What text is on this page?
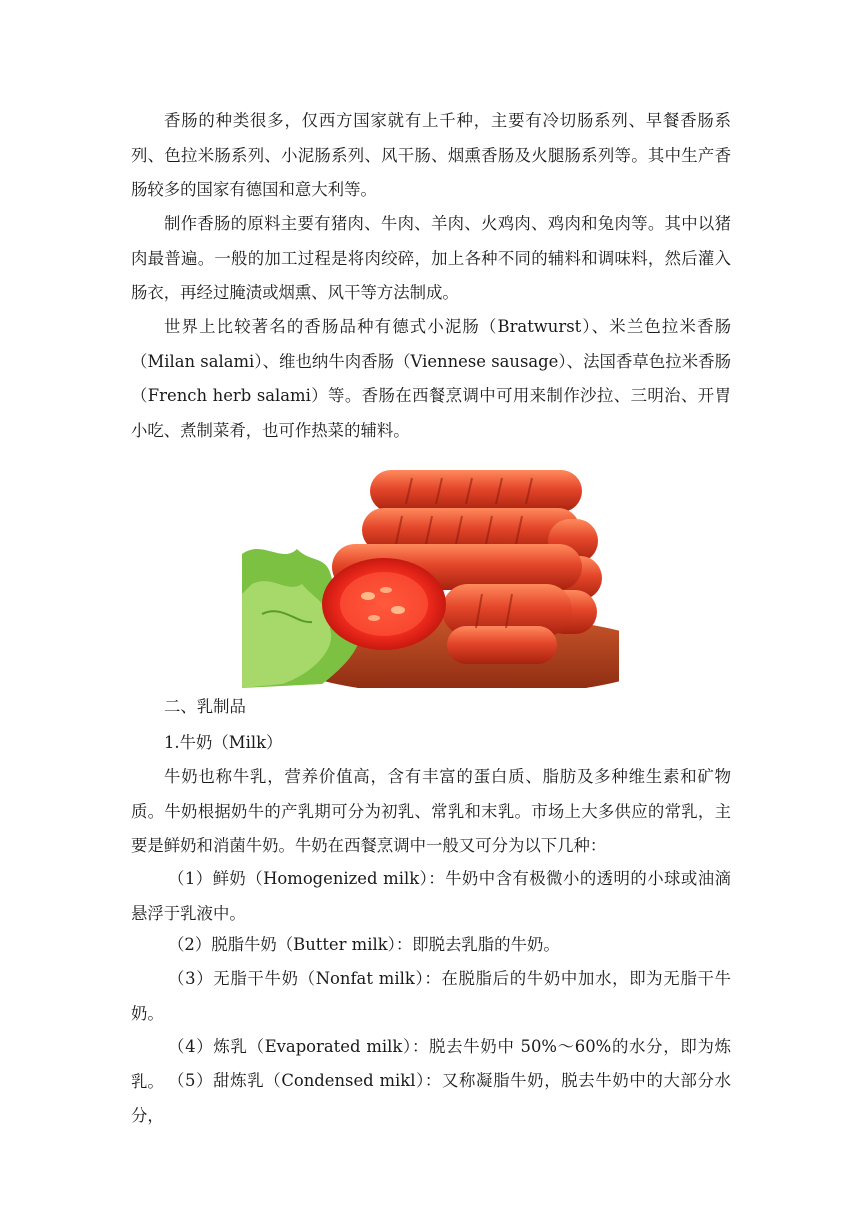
香肠的种类很多，仅西方国家就有上千种，主要有冷切肠系列、早餐香肠系列、色拉米肠系列、小泥肠系列、风干肠、烟熏香肠及火腿肠系列等。其中生产香肠较多的国家有德国和意大利等。

制作香肠的原料主要有猪肉、牛肉、羊肉、火鸡肉、鸡肉和兔肉等。其中以猪肉最普遍。一般的加工过程是将肉绞碎，加上各种不同的辅料和调味料，然后灌入肠衣，再经过腌渍或烟熏、风干等方法制成。

世界上比较著名的香肠品种有德式小泥肠（Bratwurst）、米兰色拉米香肠（Milan salami）、维也纳牛肉香肠（Viennese sausage）、法国香草色拉米香肠（French herb salami）等。香肠在西餐烹调中可用来制作沙拉、三明治、开胃小吃、煮制菜肴，也可作热菜的辅料。

二、乳制品

1.牛奶（Milk）

牛奶也称牛乳，营养价值高，含有丰富的蛋白质、脂肪及多种维生素和矿物质。牛奶根据奶牛的产乳期可分为初乳、常乳和末乳。市场上大多供应的常乳，主要是鲜奶和消菌牛奶。牛奶在西餐烹调中一般又可分为以下几种：

（1）鲜奶（Homogenized milk）：牛奶中含有极微小的透明的小球或油滴悬浮于乳液中。

（2）脱脂牛奶（Butter milk）：即脱去乳脂的牛奶。

（3）无脂干牛奶（Nonfat milk）：在脱脂后的牛奶中加水，即为无脂干牛奶。

（4）炼乳（Evaporated milk）：脱去牛奶中 50%～60%的水分，即为炼乳。 （5）甜炼乳（Condensed mikl）：又称凝脂牛奶，脱去牛奶中的大部分水分，
